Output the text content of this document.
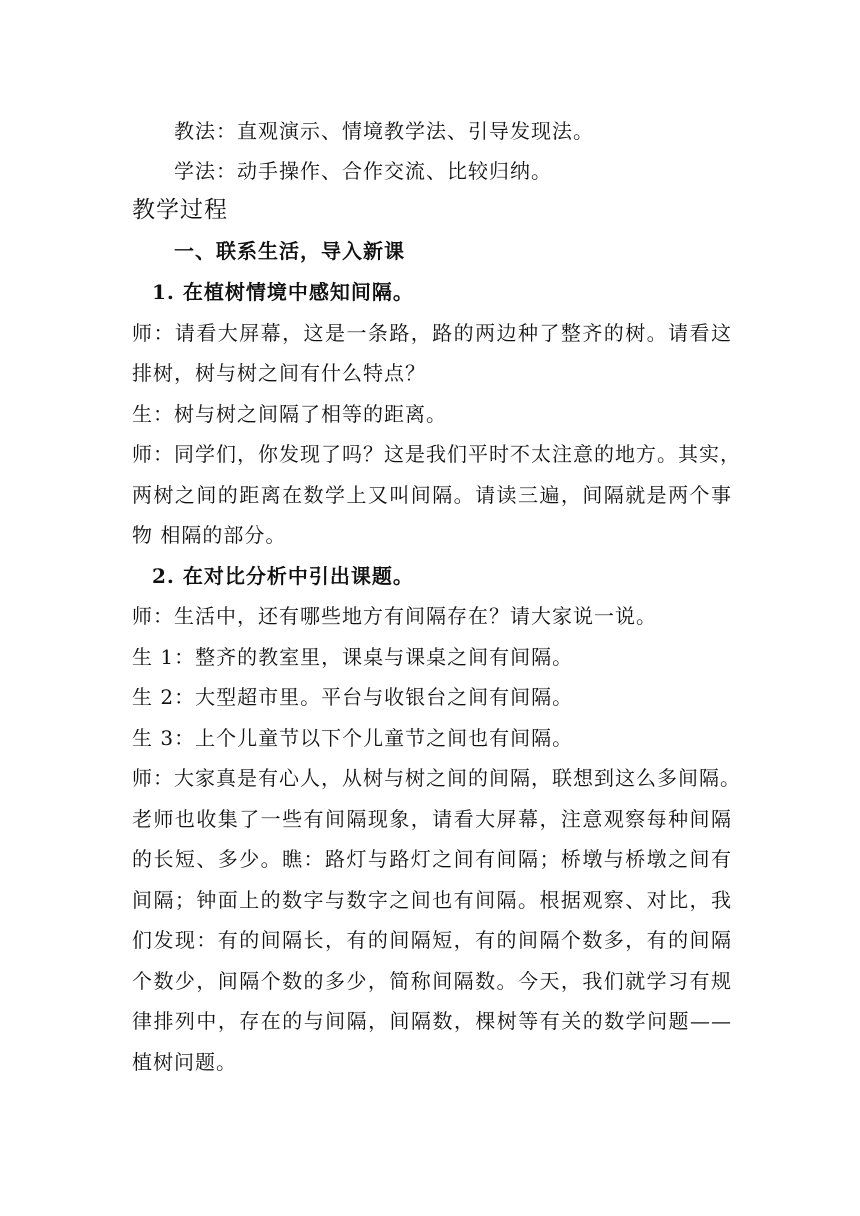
教法：直观演示、情境教学法、引导发现法。
学法：动手操作、合作交流、比较归纳。
教学过程
一、联系生活，导入新课
1. 在植树情境中感知间隔。
师：请看大屏幕，这是一条路，路的两边种了整齐的树。请看这
排树，树与树之间有什么特点？
生：树与树之间隔了相等的距离。
师：同学们，你发现了吗？这是我们平时不太注意的地方。其实，
两树之间的距离在数学上又叫间隔。请读三遍，间隔就是两个事
物 相隔的部分。
2. 在对比分析中引出课题。
师：生活中，还有哪些地方有间隔存在？请大家说一说。
生 1：整齐的教室里，课桌与课桌之间有间隔。
生 2：大型超市里。平台与收银台之间有间隔。
生 3：上个儿童节以下个儿童节之间也有间隔。
师：大家真是有心人，从树与树之间的间隔，联想到这么多间隔。
老师也收集了一些有间隔现象，请看大屏幕，注意观察每种间隔
的长短、多少。瞧：路灯与路灯之间有间隔；桥墩与桥墩之间有
间隔；钟面上的数字与数字之间也有间隔。根据观察、对比，我
们发现：有的间隔长，有的间隔短，有的间隔个数多，有的间隔
个数少，间隔个数的多少，简称间隔数。今天，我们就学习有规
律排列中，存在的与间隔，间隔数，棵树等有关的数学问题——
植树问题。
